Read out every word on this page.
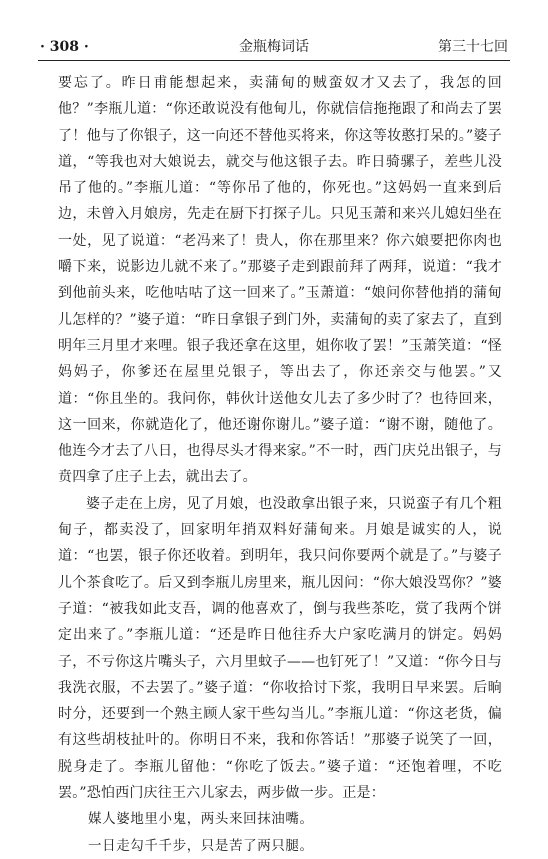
· 308 ·	金瓶梅词话	第三十七回

要忘了。昨日甫能想起来，卖蒲甸的贼蛮奴才又去了，我怎的回他？”李瓶儿道：“你还敢说没有他甸儿，你就信信拖拖跟了和尚去了罢了！他与了你银子，这一向还不替他买将来，你这等妆憨打呆的。”婆子道，“等我也对大娘说去，就交与他这银子去。昨日骑骡子，差些儿没吊了他的。”李瓶儿道：“等你吊了他的，你死也。”这妈妈一直来到后边，未曾入月娘房，先走在厨下打探子儿。只见玉萧和来兴儿媳妇坐在一处，见了说道：“老冯来了！贵人，你在那里来？你六娘要把你肉也嚼下来，说影边儿就不来了。”那婆子走到跟前拜了两拜，说道：“我才到他前头来，吃他咕咕了这一回来了。”玉萧道：“娘问你替他捎的蒲甸儿怎样的？”婆子道：“昨日拿银子到门外，卖蒲甸的卖了家去了，直到明年三月里才来哩。银子我还拿在这里，姐你收了罢！”玉萧笑道：“怪妈妈子，你爹还在屋里兑银子，等出去了，你还亲交与他罢。”又道：“你且坐的。我问你，韩伙计送他女儿去了多少时了？也待回来，这一回来，你就造化了，他还谢你谢儿。”婆子道：“谢不谢，随他了。他连今才去了八日，也得尽头才得来家。”不一时，西门庆兑出银子，与贲四拿了庄子上去，就出去了。

婆子走在上房，见了月娘，也没敢拿出银子来，只说蛮子有几个粗甸子，都卖没了，回家明年捎双料好蒲甸来。月娘是诚实的人，说道：“也罢，银子你还收着。到明年，我只问你要两个就是了。”与婆子儿个茶食吃了。后又到李瓶儿房里来，瓶儿因问：“你大娘没骂你？”婆子道：“被我如此支吾，调的他喜欢了，倒与我些茶吃，赏了我两个饼定出来了。”李瓶儿道：“还是昨日他往乔大户家吃满月的饼定。妈妈子，不亏你这片嘴头子，六月里蚊子——也钉死了！”又道：“你今日与我洗衣服，不去罢了。”婆子道：“你收拾讨下浆，我明日早来罢。后晌时分，还要到一个熟主顾人家干些勾当儿。”李瓶儿道：“你这老货，偏有这些胡枝扯叶的。你明日不来，我和你答话！”那婆子说笑了一回，脱身走了。李瓶儿留他：“你吃了饭去。”婆子道：“还饱着哩，不吃罢。”恐怕西门庆往王六儿家去，两步做一步。正是：

媒人婆地里小鬼，两头来回抹油嘴。

一日走勾千千步，只是苦了两只腿。
